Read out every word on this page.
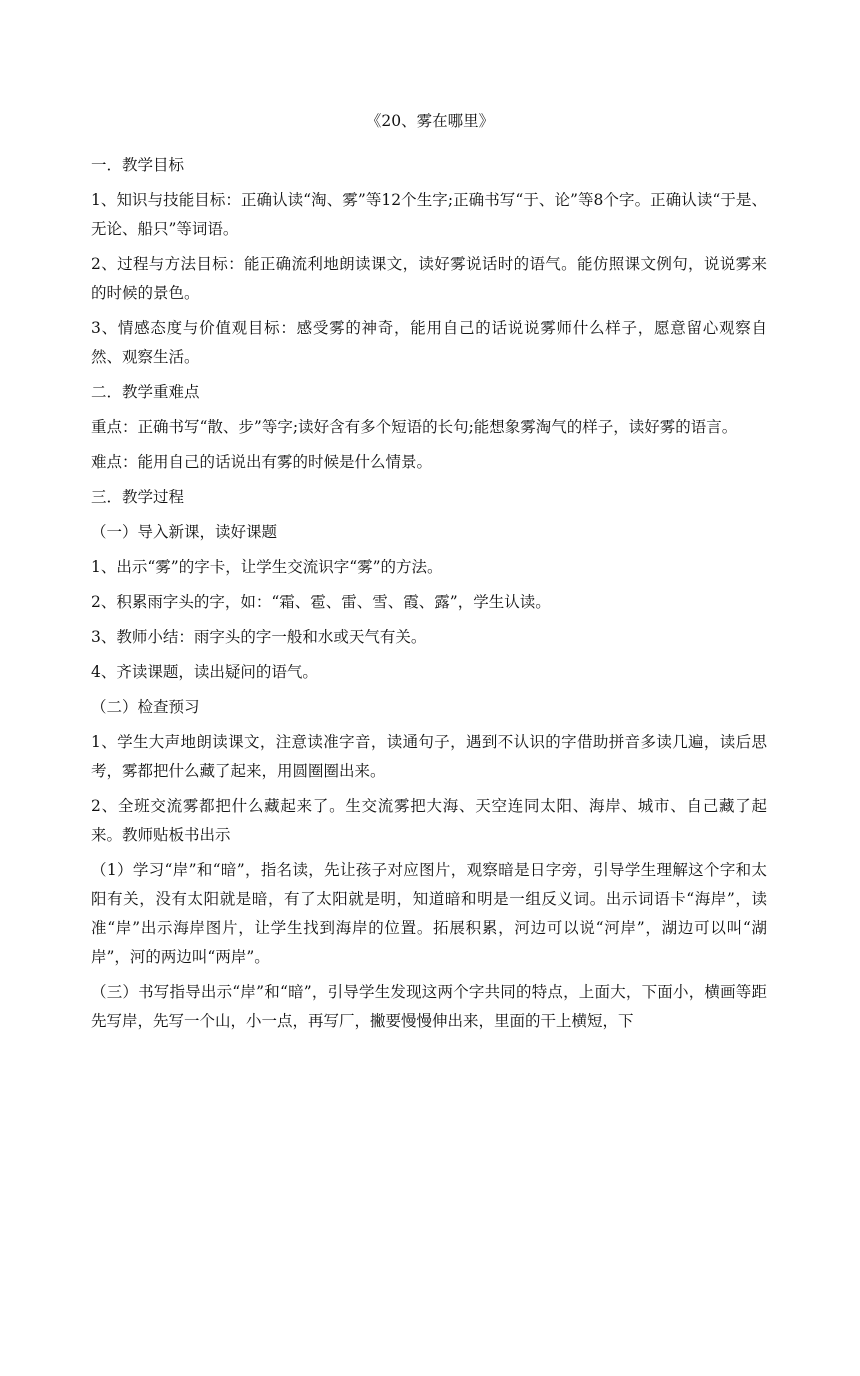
《20、雾在哪里》

一．教学目标

1、知识与技能目标：正确认读“淘、雾”等12个生字;正确书写“于、论”等8个字。正确认读“于是、无论、船只”等词语。

2、过程与方法目标：能正确流利地朗读课文，读好雾说话时的语气。能仿照课文例句，说说雾来的时候的景色。

3、情感态度与价值观目标：感受雾的神奇，能用自己的话说说雾师什么样子，愿意留心观察自然、观察生活。

二．教学重难点

重点：正确书写“散、步”等字;读好含有多个短语的长句;能想象雾淘气的样子，读好雾的语言。

难点：能用自己的话说出有雾的时候是什么情景。

三．教学过程

（一）导入新课，读好课题

1、出示“雾”的字卡，让学生交流识字“雾”的方法。

2、积累雨字头的字，如：“霜、雹、雷、雪、霞、露”，学生认读。

3、教师小结：雨字头的字一般和水或天气有关。

4、齐读课题，读出疑问的语气。

（二）检查预习

1、学生大声地朗读课文，注意读准字音，读通句子，遇到不认识的字借助拼音多读几遍，读后思考，雾都把什么藏了起来，用圆圈圈出来。

2、全班交流雾都把什么藏起来了。生交流雾把大海、天空连同太阳、海岸、城市、自己藏了起来。教师贴板书出示

（1）学习“岸”和“暗”，指名读，先让孩子对应图片，观察暗是日字旁，引导学生理解这个字和太阳有关，没有太阳就是暗，有了太阳就是明，知道暗和明是一组反义词。出示词语卡“海岸”，读准“岸”出示海岸图片，让学生找到海岸的位置。拓展积累，河边可以说“河岸”，湖边可以叫“湖岸”，河的两边叫“两岸”。

（三）书写指导出示“岸”和“暗”，引导学生发现这两个字共同的特点，上面大，下面小，横画等距先写岸，先写一个山，小一点，再写厂，撇要慢慢伸出来，里面的干上横短，下
